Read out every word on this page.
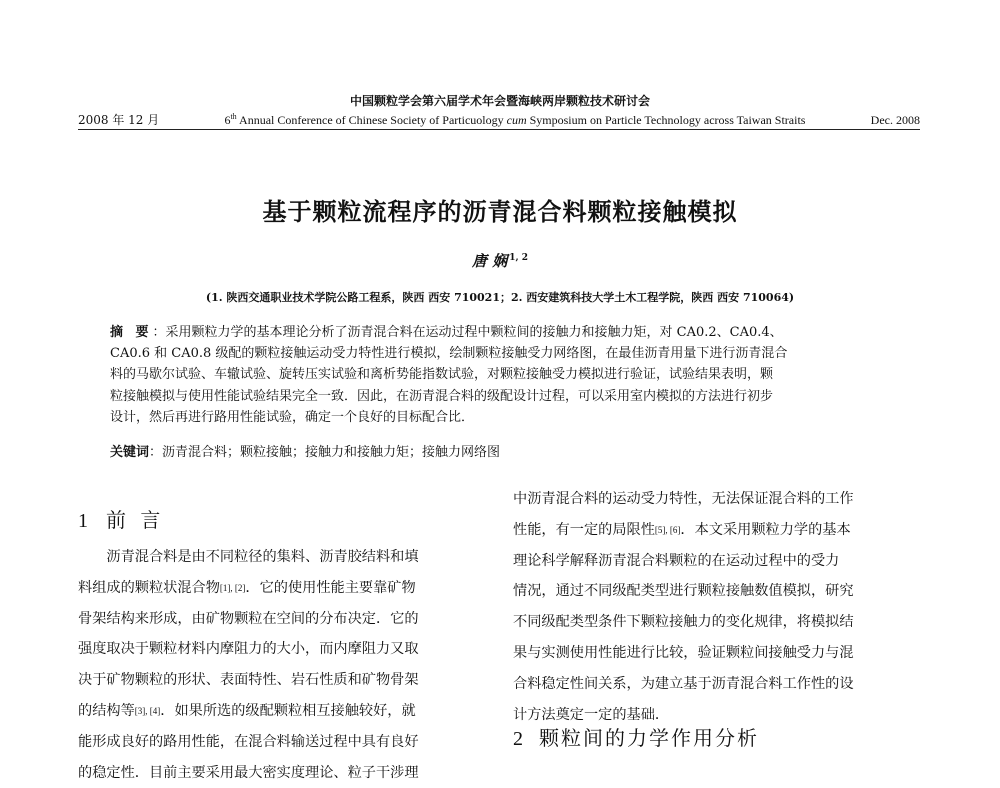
中国颗粒学会第六届学术年会暨海峡两岸颗粒技术研讨会
2008 年 12 月	6th Annual Conference of Chinese Society of Particuology cum Symposium on Particle Technology across Taiwan Straits	Dec. 2008
基于颗粒流程序的沥青混合料颗粒接触模拟
唐 娴 $^{1, 2}$
(1. 陕西交通职业技术学院公路工程系，陕西 西安 710021；2. 西安建筑科技大学土木工程学院，陕西 西安 710064)
摘 要：采用颗粒力学的基本理论分析了沥青混合料在运动过程中颗粒间的接触力和接触力矩，对 CA0.2、CA0.4、
CA0.6 和 CA0.8 级配的颗粒接触运动受力特性进行模拟，绘制颗粒接触受力网络图，在最佳沥青用量下进行沥青混合
料的马歇尔试验、车辙试验、旋转压实试验和离析势能指数试验，对颗粒接触受力模拟进行验证，试验结果表明，颗
粒接触模拟与使用性能试验结果完全一致．因此，在沥青混合料的级配设计过程，可以采用室内模拟的方法进行初步
设计，然后再进行路用性能试验，确定一个良好的目标配合比．
关键词：沥青混合料；颗粒接触；接触力和接触力矩；接触力网络图
1 前 言
沥青混合料是由不同粒径的集料、沥青胶结料和填
料组成的颗粒状混合物[1], [2]．它的使用性能主要靠矿物
骨架结构来形成，由矿物颗粒在空间的分布决定．它的
强度取决于颗粒材料内摩阻力的大小，而内摩阻力又取
决于矿物颗粒的形状、表面特性、岩石性质和矿物骨架
的结构等[3], [4]．如果所选的级配颗粒相互接触较好，就
能形成良好的路用性能，在混合料输送过程中具有良好
的稳定性．目前主要采用最大密实度理论、粒子干涉理
中沥青混合料的运动受力特性，无法保证混合料的工作
性能，有一定的局限性[5], [6]．本文采用颗粒力学的基本
理论科学解释沥青混合料颗粒的在运动过程中的受力
情况，通过不同级配类型进行颗粒接触数值模拟，研究
不同级配类型条件下颗粒接触力的变化规律，将模拟结
果与实测使用性能进行比较，验证颗粒间接触受力与混
合料稳定性间关系，为建立基于沥青混合料工作性的设
计方法奠定一定的基础．
2 颗粒间的力学作用分析
